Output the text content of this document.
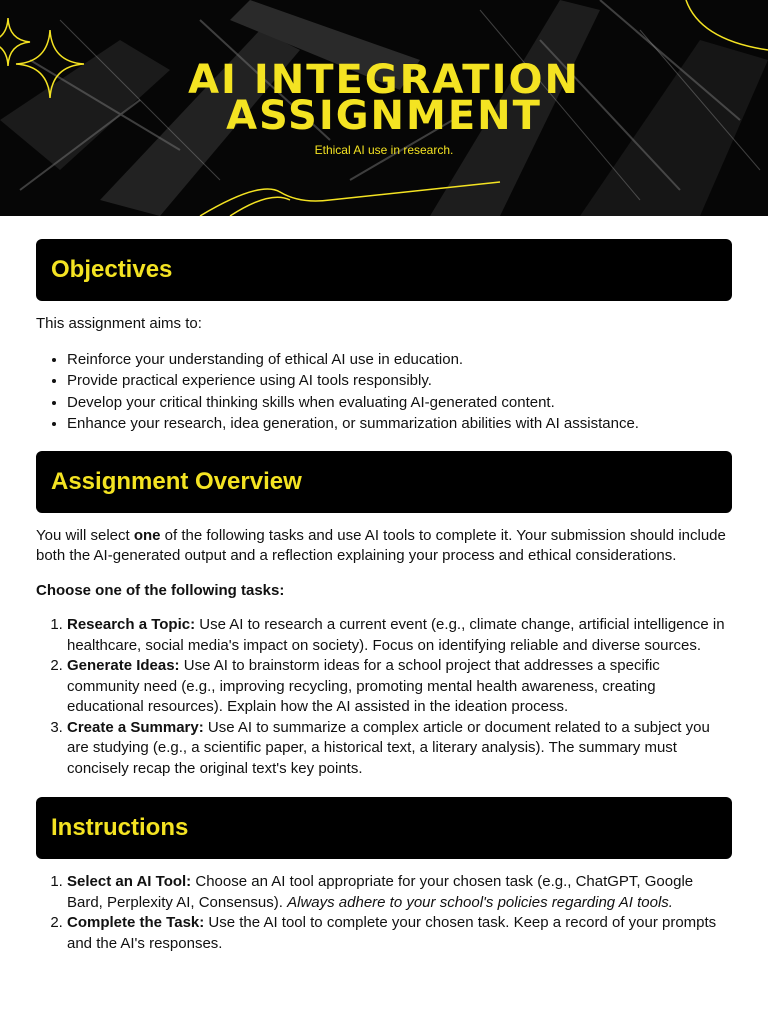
AI INTEGRATION
ASSIGNMENT
Ethical AI use in research.
Objectives

This assignment aims to:

• Reinforce your understanding of ethical AI use in education.
• Provide practical experience using AI tools responsibly.
• Develop your critical thinking skills when evaluating AI-generated content.
• Enhance your research, idea generation, or summarization abilities with AI assistance.
Assignment Overview

You will select one of the following tasks and use AI tools to complete it. Your submission should include both the AI-generated output and a reflection explaining your process and ethical considerations.

Choose one of the following tasks:

1. Research a Topic: Use AI to research a current event (e.g., climate change, artificial intelligence in healthcare, social media's impact on society). Focus on identifying reliable and diverse sources.
2. Generate Ideas: Use AI to brainstorm ideas for a school project that addresses a specific community need (e.g., improving recycling, promoting mental health awareness, creating educational resources). Explain how the AI assisted in the ideation process.
3. Create a Summary: Use AI to summarize a complex article or document related to a subject you are studying (e.g., a scientific paper, a historical text, a literary analysis). The summary must concisely recap the original text's key points.
Instructions
1. Select an AI Tool: Choose an AI tool appropriate for your chosen task (e.g., ChatGPT, Google Bard, Perplexity AI, Consensus). Always adhere to your school's policies regarding AI tools.
2. Complete the Task: Use the AI tool to complete your chosen task. Keep a record of your prompts and the AI's responses.
